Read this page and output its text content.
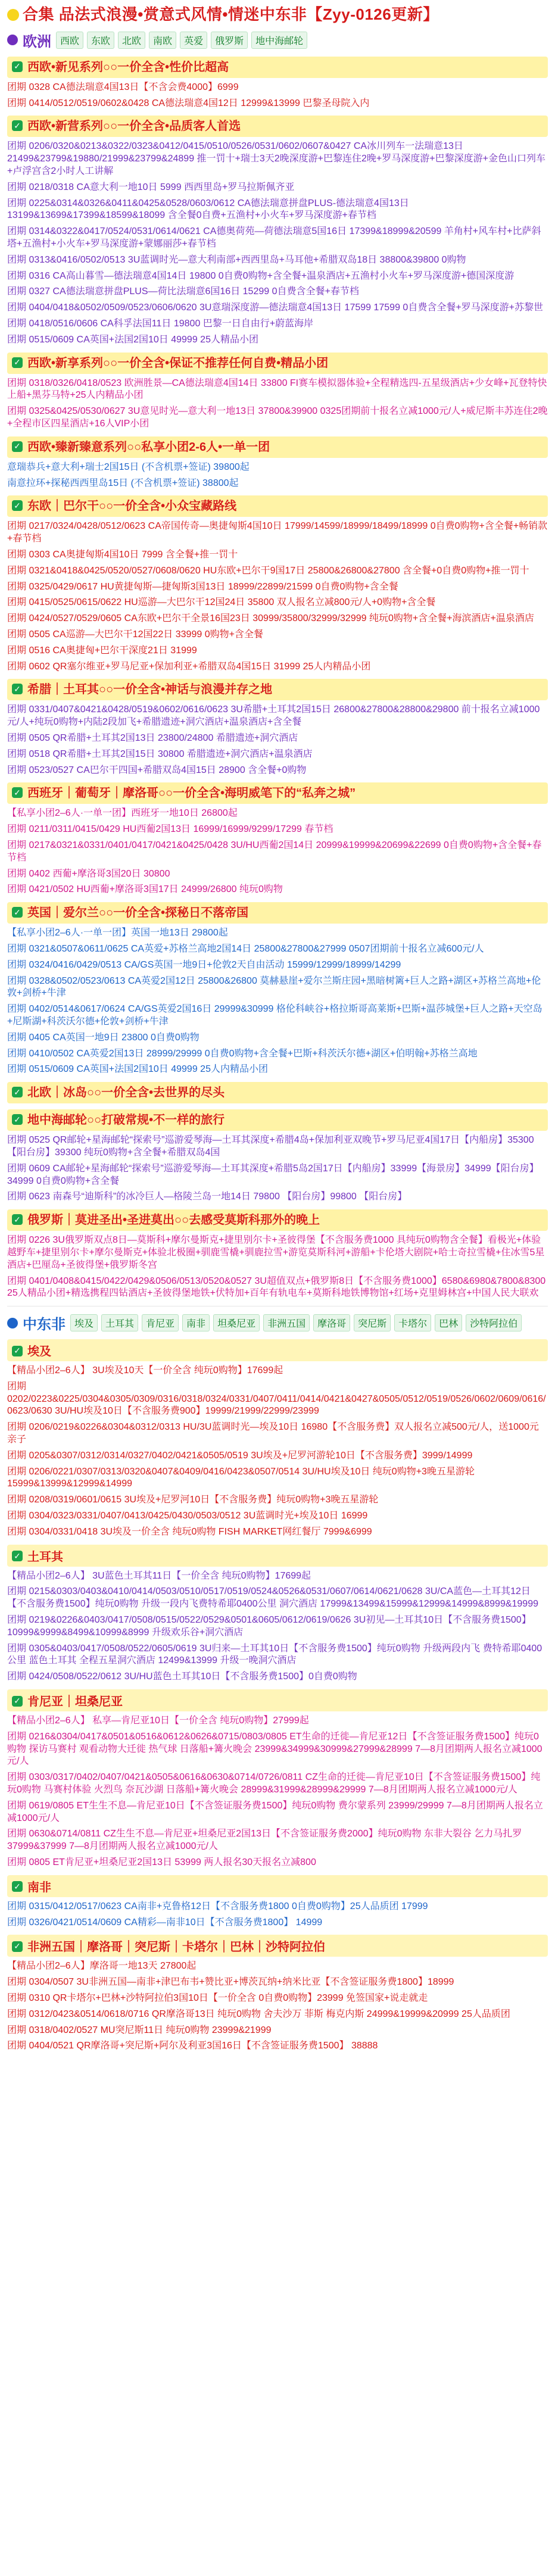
合集 品法式浪漫•赏意式风情•情迷中东非【Zyy-0126更新】
欧洲 西欧	东欧	北欧	南欧	英爱	俄罗斯	地中海邮轮
✓ 西欧•新见系列○○一价全含•性价比超高
团期 0328 CA德法瑞意4国13日【不含会费4000】6999
团期 0414/0512/0519/0602&0428 CA德法瑞意4国12日 12999&13999 巴黎圣母院入内
✓ 西欧•新营系列○○一价全含•品质客人首选
团期 0206/0320&0213&0322/0323&0412/0415/0510/0526/0531/0602/0607&0427 CA冰川列车一法瑞意13日 21499&23799&19880/21999&23799&24899 推一罚十+瑞士3天2晚深度游+巴黎连住2晚+罗马深度游+巴黎深度游+金色山口列车+卢浮宫含2小时人工讲解
团期 0218/0318 CA意大利一地10日 5999 西西里岛+罗马拉斯佩齐亚
团期 0225&0314&0326&0411&0425&0528/0603/0612 CA德法瑞意拼盘PLUS-德法瑞意4国13日 13199&13699&17399&18599&18099 含全餐0自费+五渔村+小火车+罗马深度游+春节档
团期 0314&0322&0417/0524/0531/0614/0621 CA德奥荷苑—荷德法瑞意5国16日 17399&18999&20599 羊角村+风车村+比萨斜塔+五渔村+小火车+罗马深度游+蒙娜丽莎+春节档
团期 0313&0416/0502/0513 3U蓝调时光—意大利南部+西西里岛+马耳他+希腊双岛18日 38800&39800 0购物
团期 0316 CA高山暮雪—德法瑞意4国14日 19800 0自费0购物+含全餐+温泉酒店+五渔村小火车+罗马深度游+德国深度游
团期 0327 CA德法瑞意拼盘PLUS—荷比法瑞意6国16日 15299 0自费含全餐+春节档
团期 0404/0418&0502/0509/0523/0606/0620 3U意瑞深度游—德法瑞意4国13日 17599 17599 0自费含全餐+罗马深度游+苏黎世
团期 0418/0516/0606 CA科孚法国11日 19800 巴黎一日自由行+蔚蓝海岸
团期 0515/0609 CA英国+法国2国10日 49999 25人精品小团
✓ 西欧•新享系列○○一价全含•保证不推荐任何自费•精品小团
团期 0318/0326/0418/0523 欧洲胜景—CA德法瑞意4国14日 33800 FI赛车模拟器体验+全程精选四-五星级酒店+少女峰+瓦登特快上船+黑芬马特+25人内精品小团
团期 0325&0425/0530/0627 3U意见时光—意大利一地13日 37800&39900 0325团期前十报名立减1000元/人+威尼斯丰苏连住2晚+全程市区四星酒店+16人VIP小团
✓ 西欧•臻新臻意系列○○私享小团2-6人•一单一团
意瑞恭兵+意大利+瑞士2国15日 (不含机票+签证) 39800起
南意拉环+探秘西西里岛15日 (不含机票+签证) 38800起
✓ 东欧｜巴尔干○○一价全含•小众宝藏路线
团期 0217/0324/0428/0512/0623 CA帝国传奇—奥捷匈斯4国10日 17999/14599/18999/18499/18999 0自费0购物+含全餐+畅销款+春节档
团期 0303 CA奥捷匈斯4国10日 7999 含全餐+推一罚十
团期 0321&0418&0425/0520/0527/0608/0620 HU东欧+巴尔干9国17日 25800&26800&27800 含全餐+0自费0购物+推一罚十
团期 0325/0429/0617 HU黄捷匈斯—捷匈斯3国13日 18999/22899/21599 0自费0购物+含全餐
团期 0415/0525/0615/0622 HU巡游—大巴尔干12国24日 35800 双人报名立减800元/人+0购物+含全餐
团期 0424/0527/0529/0605 CA东欧+巴尔干全景16国23日 30999/35800/32999/32999 纯玩0购物+含全餐+海滨酒店+温泉酒店
团期 0505 CA巡游—大巴尔干12国22日 33999 0购物+含全餐
团期 0516 CA奥捷匈+巴尔干深度21日 31999
团期 0602 QR塞尔维亚+罗马尼亚+保加利亚+希腊双岛4国15日 31999 25人内精品小团
✓ 希腊｜土耳其○○一价全含•神话与浪漫并存之地
团期 0331/0407&0421&0428/0519&0602/0616/0623 3U希腊+土耳其2国15日 26800&27800&28800&29800 前十报名立减1000元/人+纯玩0购物+内陆2段加飞+希腊遗迹+洞穴酒店+温泉酒店+含全餐
团期 0505 QR希腊+土耳其2国13日 23800/24800 希腊遗迹+洞穴酒店
团期 0518 QR希腊+土耳其2国15日 30800 希腊遗迹+洞穴酒店+温泉酒店
团期 0523/0527 CA巴尔干四国+希腊双岛4国15日 28900 含全餐+0购物
✓ 西班牙｜葡萄牙｜摩洛哥○○一价全含•海明威笔下的“私奔之城”
【私享小团2–6人·一单一团】西班牙一地10日 26800起
团期 0211/0311/0415/0429 HU西葡2国13日 16999/16999/9299/17299 春节档
团期 0217&0321&0331/0401/0417/0421&0425/0428 3U/HU西葡2国14日 20999&19999&20699&22699 0自费0购物+含全餐+春节档
团期 0402 西葡+摩洛哥3国20日 30800
团期 0421/0502 HU西葡+摩洛哥3国17日 24999/26800 纯玩0购物
✓ 英国｜爱尔兰○○一价全含•探秘日不落帝国
【私享小团2–6人·一单一团】英国一地13日 29800起
团期 0321&0507&0611/0625 CA英爱+苏格兰高地2国14日 25800&27800&27999 0507团期前十报名立减600元/人
团期 0324/0416/0429/0513 CA/GS英国一地9日+伦敦2天自由活动 15999/12999/18999/14299
团期 0328&0502/0523/0613 CA英爱2国12日 25800&26800 莫赫悬崖+爱尔兰斯庄园+黑暗树篱+巨人之路+湖区+苏格兰高地+伦敦+剑桥+牛津
团期 0402/0514&0617/0624 CA/GS英爱2国16日 29999&30999 格伦科峡谷+格拉斯哥高莱斯+巴斯+温莎城堡+巨人之路+天空岛+尼斯湖+科茨沃尔德+伦敦+剑桥+牛津
团期 0405 CA英国一地9日 23800 0自费0购物
团期 0410/0502 CA英爱2国13日 28999/29999 0自费0购物+含全餐+巴斯+科茨沃尔德+湖区+伯明翰+苏格兰高地
团期 0515/0609 CA英国+法国2国10日 49999 25人内精品小团
✓ 北欧｜冰岛○○一价全含•去世界的尽头
✓ 地中海邮轮○○打破常规•不一样的旅行
团期 0525 QR邮轮+星海邮轮“探索号”巡游爱琴海—土耳其深度+希腊4岛+保加利亚双晚节+罗马尼亚4国17日【内船房】35300【阳台房】39300 纯玩0购物+含全餐+希腊双岛4国
团期 0609 CA邮轮+星海邮轮“探索号”巡游爱琴海—土耳其深度+希腊5岛2国17日【内船房】33999【海景房】34999【阳台房】34999 0自费0购物+含全餐
团期 0623 南森号“迪斯科”的冰冷巨人—格陵兰岛一地14日 79800 【阳台房】99800 【阳台房】
✓ 俄罗斯｜莫进圣出•圣进莫出○○去感受莫斯科那外的晚上
团期 0226 3U俄罗斯双点8日—莫斯科+摩尔曼斯克+捷里别尔卡+圣彼得堡【不含服务费1000 具纯玩0购物含全餐】看极光+体验越野车+捷里别尔卡+摩尔曼斯克+体验北极圈+驯鹿雪橇+驯鹿拉雪+游览莫斯科河+游船+卡伦塔大剧院+哈士奇拉雪橇+住冰雪5星酒店+巴厘岛+圣彼得堡+俄罗斯冬宫
团期 0401/0408&0415/0422/0429&0506/0513/0520&0527 3U超值双点+俄罗斯8日【不含服务费1000】6580&6980&7800&8300 25人精品小团+精选携程四钻酒店+圣彼得堡地铁+伏特加+百年有轨电车+莫斯科地铁博物馆+红场+克里姆林宫+中国人民大联欢
中东非 埃及	土耳其	肯尼亚	南非	坦桑尼亚	非洲五国	摩洛哥	突尼斯	卡塔尔	巴林	沙特阿拉伯
✓ 埃及
【精品小团2–6人】 3U埃及10天【一价全含 纯玩0购物】17699起
团期 0202/0223&0225/0304&0305/0309/0316/0318/0324/0331/0407/0411/0414/0421&0427&0505/0512/0519/0526/0602/0609/0616/0623/0630 3U/HU埃及10日【不含服务费900】19999/21999/22999/23999
团期 0206/0219&0226&0304&0312/0313 HU/3U蓝调时光—埃及10日 16980【不含服务费】双人报名立减500元/人，送1000元亲子
团期 0205&0307/0312/0314/0327/0402/0421&0505/0519 3U埃及+尼罗河游轮10日【不含服务费】3999/14999
团期 0206/0221/0307/0313/0320&0407&0409/0416/0423&0507/0514 3U/HU埃及10日 纯玩0购物+3晚五星游轮 15999&13999&12999&14999
团期 0208/0319/0601/0615 3U埃及+尼罗河10日【不含服务费】纯玩0购物+3晚五星游轮
团期 0304/0323/0331/0407/0413/0425/0430/0503/0512 3U蓝调时光+埃及10日 16999
团期 0304/0331/0418 3U埃及一价全含 纯玩0购物 FISH MARKET网红餐厅 7999&6999
✓ 土耳其
【精品小团2–6人】 3U蓝色土耳其11日【一价全含 纯玩0购物】17699起
团期 0215&0303/0403&0410/0414/0503/0510/0517/0519/0524&0526&0531/0607/0614/0621/0628 3U/CA蓝色—土耳其12日【不含服务费1500】纯玩0购物 升级一段内飞费特希耶0400公里 洞穴酒店 17999&13499&15999&12999&14999&8999&19999
团期 0219&0226&0403/0417/0508/0515/0522/0529&0501&0605/0612/0619/0626 3U初见—土耳其10日【不含服务费1500】10999&9999&8499&10999&8999 升级欢乐谷+洞穴酒店
团期 0305&0403/0417/0508/0522/0605/0619 3U归来—土耳其10日【不含服务费1500】纯玩0购物 升级两段内飞 费特希耶0400公里 蓝色土耳其 全程五星洞穴酒店 12499&13999 升级一晚洞穴酒店
团期 0424/0508/0522/0612 3U/HU蓝色土耳其10日【不含服务费1500】0自费0购物
✓ 肯尼亚｜坦桑尼亚
【精品小团2–6人】 私享—肯尼亚10日【一价全含 纯玩0购物】27999起
团期 0216&0304/0417&0501&0516&0612&0626&0715/0803/0805 ET生命的迁徙—肯尼亚12日【不含签证服务费1500】纯玩0购物 探访马赛村 观看动物大迁徙 热气球 日落船+篝火晚会 23999&34999&30999&27999&28999 7—8月团期两人报名立减1000元/人
团期 0303/0317/0402/0407/0421&0505&0616&0630&0714/0726/0811 CZ生命的迁徙—肯尼亚10日【不含签证服务费1500】纯玩0购物 马赛村体验 火烈鸟 奈瓦沙湖 日落船+篝火晚会 28999&31999&28999&29999 7—8月团期两人报名立减1000元/人
团期 0619/0805 ET生生不息—肯尼亚10日【不含签证服务费1500】纯玩0购物 费尔蒙系列 23999/29999 7—8月团期两人报名立减1000元/人
团期 0630&0714/0811 CZ生生不息—肯尼亚+坦桑尼亚2国13日【不含签证服务费2000】纯玩0购物 东非大裂谷 乞力马扎罗 37999&37999 7—8月团期两人报名立减1000元/人
团期 0805 ET肯尼亚+坦桑尼亚2国13日 53999 两人报名30天报名立减800
✓ 南非
团期 0315/0412/0517/0623 CA南非+克鲁格12日【不含服务费1800 0自费0购物】25人品质团 17999
团期 0326/0421/0514/0609 CA精彩—南非10日【不含服务费1800】 14999
✓ 非洲五国｜摩洛哥｜突尼斯｜卡塔尔｜巴林｜沙特阿拉伯
【精品小团2–6人】摩洛哥一地13天 27800起
团期 0304/0507 3U非洲五国—南非+津巴布韦+赞比亚+博茨瓦纳+纳米比亚【不含签证服务费1800】18999
团期 0310 QR卡塔尔+巴林+沙特阿拉伯3国10日【一价全含 0自费0购物】23999 免签国家+说走就走
团期 0312/0423&0514/0618/0716 QR摩洛哥13日 纯玩0购物 舍夫沙万 菲斯 梅克内斯 24999&19999&20999 25人品质团
团期 0318/0402/0527 MU突尼斯11日 纯玩0购物 23999&21999
团期 0404/0521 QR摩洛哥+突尼斯+阿尔及利亚3国16日【不含签证服务费1500】 38888
